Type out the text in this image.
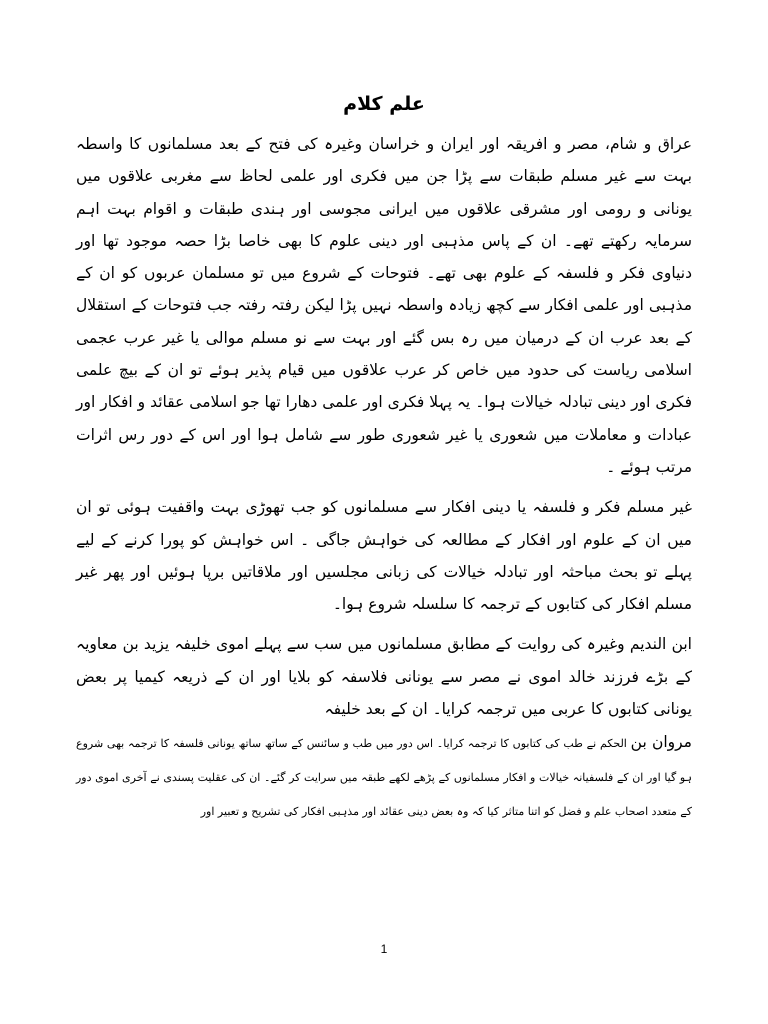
علم کلام

عراق و شام، مصر و افریقہ اور ایران و خراسان وغیرہ کی فتح کے بعد مسلمانوں کا واسطہ بہت سے غیر مسلم طبقات سے پڑا جن میں فکری اور علمی لحاظ سے مغربی علاقوں میں یونانی و رومی اور مشرقی علاقوں میں ایرانی مجوسی اور ہندی طبقات و اقوام بہت اہم سرمایہ رکھتے تھے۔ ان کے پاس مذہبی اور دینی علوم کا بھی خاصا بڑا حصہ موجود تھا اور دنیاوی فکر و فلسفہ کے علوم بھی تھے۔ فتوحات کے شروع میں تو مسلمان عربوں کو ان کے مذہبی اور علمی افکار سے کچھ زیادہ واسطہ نہیں پڑا لیکن رفتہ رفتہ جب فتوحات کے استقلال کے بعد عرب ان کے درمیان میں رہ بس گئے اور بہت سے نو مسلم موالی یا غیر عرب عجمی اسلامی ریاست کی حدود میں خاص کر عرب علاقوں میں قیام پذیر ہوئے تو ان کے بیچ علمی فکری اور دینی تبادلہ خیالات ہوا۔ یہ پہلا فکری اور علمی دھارا تھا جو اسلامی عقائد و افکار اور عبادات و معاملات میں شعوری یا غیر شعوری طور سے شامل ہوا اور اس کے دور رس اثرات مرتب ہوئے ۔

غیر مسلم فکر و فلسفہ یا دینی افکار سے مسلمانوں کو جب تھوڑی بہت واقفیت ہوئی تو ان میں ان کے علوم اور افکار کے مطالعہ کی خواہش جاگی ۔ اس خواہش کو پورا کرنے کے لیے پہلے تو بحث مباحثہ اور تبادلہ خیالات کی زبانی مجلسیں اور ملاقاتیں برپا ہوئیں اور پھر غیر مسلم افکار کی کتابوں کے ترجمہ کا سلسلہ شروع ہوا۔

ابن الندیم وغیرہ کی روایت کے مطابق مسلمانوں میں سب سے پہلے اموی خلیفہ یزید بن معاویہ کے بڑے فرزند خالد اموی نے مصر سے یونانی فلاسفہ کو بلایا اور ان کے ذریعہ کیمیا پر بعض یونانی کتابوں کا عربی میں ترجمہ کرایا۔ ان کے بعد خلیفہ

مروان بن الحکم نے طب کی کتابوں کا ترجمہ کرایا۔ اس دور میں طب و سائنس کے ساتھ ساتھ یونانی فلسفہ کا ترجمہ بھی شروع ہو گیا اور ان کے فلسفیانہ خیالات و افکار مسلمانوں کے پڑھے لکھے طبقہ میں سرایت کر گئے۔ ان کی عقلیت پسندی نے آخری اموی دور کے متعدد اصحاب علم و فضل کو اتنا متاثر کیا کہ وہ بعض دینی عقائد اور مذہبی افکار کی تشریح و تعبیر اور

1
